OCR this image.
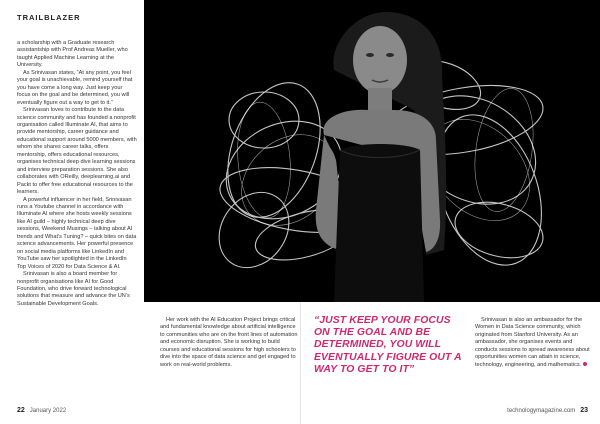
TRAILBLAZER

a scholarship with a Graduate research assistantship with Prof Andreas Mueller, who taught Applied Machine Learning at the University.

As Srinivasan states, “At any point, you feel your goal is unachievable, remind yourself that you have come a long way. Just keep your focus on the goal and be determined, you will eventually figure out a way to get to it.”

Srinivasan loves to contribute to the data science community and has founded a nonprofit organisation called Illuminate AI, that aims to provide mentorship, career guidance and educational support around 5000 members, with whom she shares career talks, offers mentorship, offers educational resources, organises technical deep dive learning sessions and interview preparation sessions. She also collaborates with OReilly, deeplearning.ai and Packt to offer free educational resources to the learners.

A powerful influencer in her field, Srinivasan runs a Youtube channel in accordance with Illuminate AI where she hosts weekly sessions like AI guild – highly technical deep dive sessions, Weekend Musings – talking about AI trends and What’s Tuning? – quick bites on data science advancements. Her powerful presence on social media platforms like LinkedIn and YouTube saw her spotlighted in the LinkedIn Top Voices of 2020 for Data Science & AI.

Srinivasan is also a board member for nonprofit organisations like AI for Good Foundation, who drive forward technological solutions that measure and advance the UN’s Sustainable Development Goals.

Her work with the AI Education Project brings critical and fundamental knowledge about artificial intelligence to communities who are on the front lines of automation and economic disruption. She is working to build courses and educational sessions for high schoolers to dive into the space of data science and get engaged to work on real-world problems.

“JUST KEEP YOUR FOCUS ON THE GOAL AND BE DETERMINED, YOU WILL EVENTUALLY FIGURE OUT A WAY TO GET TO IT”

Srinivasan is also an ambassador for the Women in Data Science community, which originated from Stanford University. As an ambassador, she organises events and conducts sessions to spread awareness about opportunities women can attain in science, technology, engineering, and mathematics.

22 January 2022	technologymagazine.com 23
